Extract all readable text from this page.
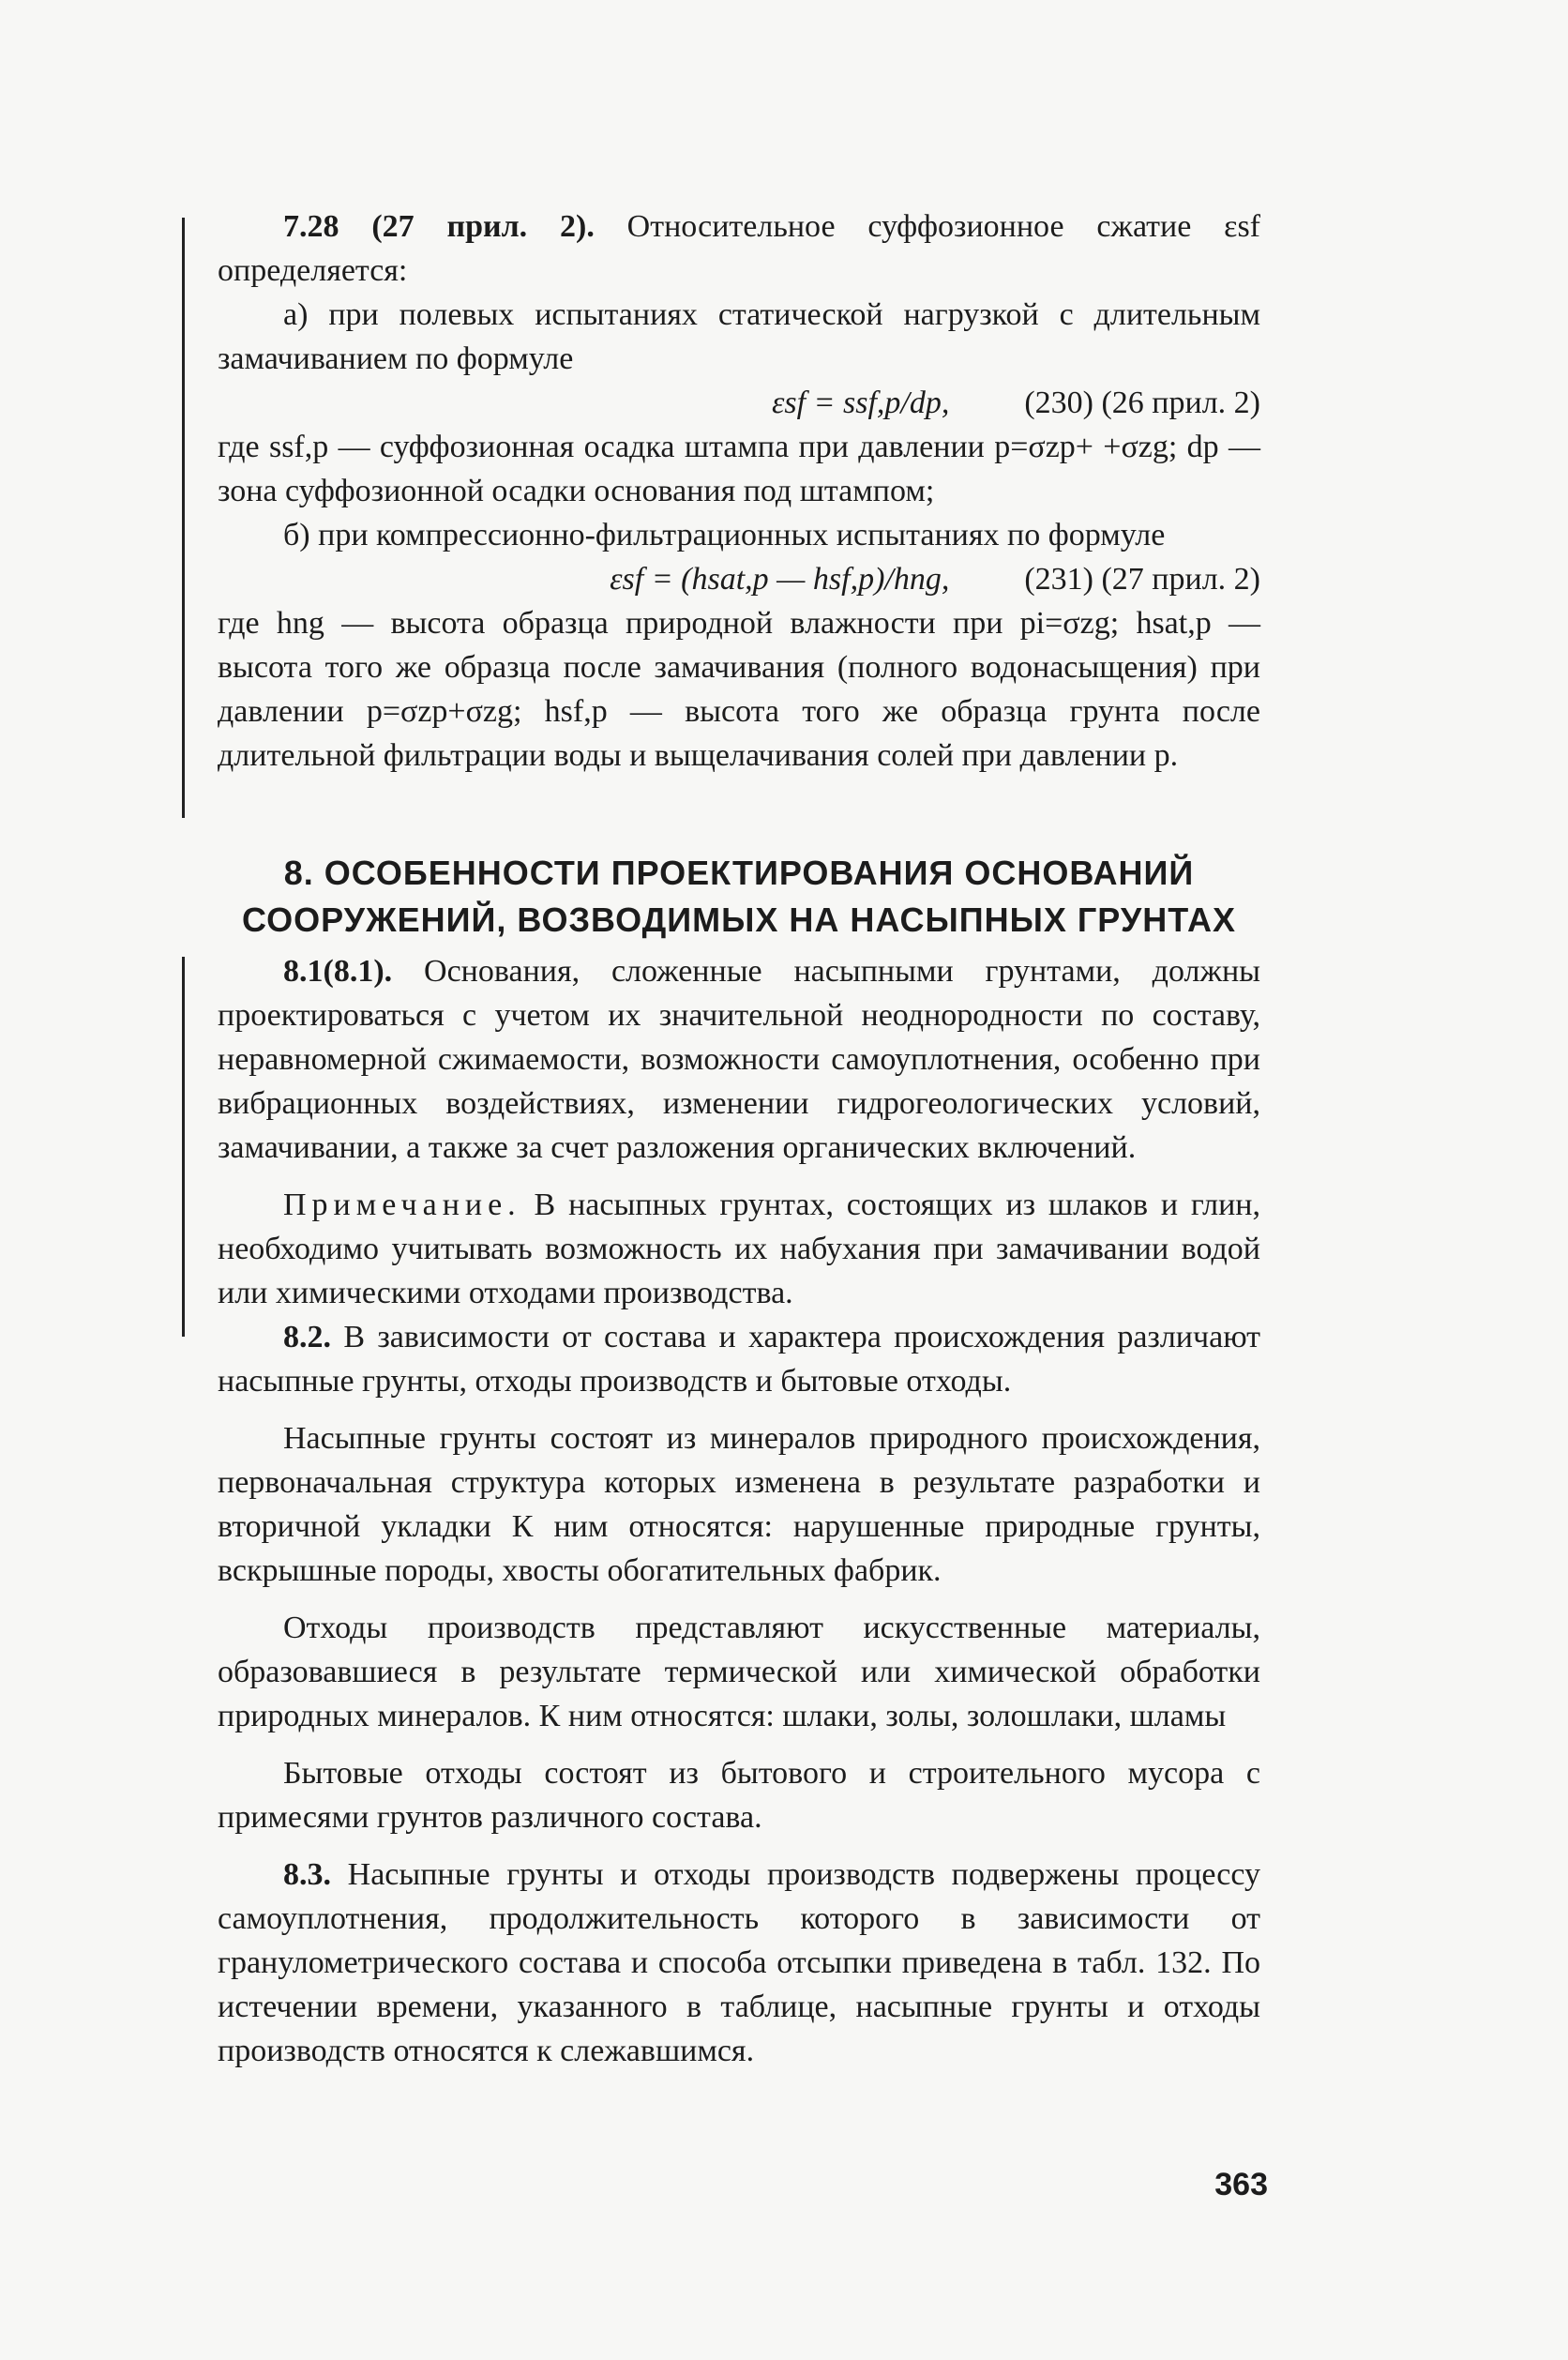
7.28 (27 прил. 2). Относительное суффозионное сжатие εsf определяется:

а) при полевых испытаниях статической нагрузкой с длительным замачиванием по формуле

εsf = ssf,p/dp, (230) (26 прил. 2)

где ssf,p — суффозионная осадка штампа при давлении p=σzp+ +σzg; dp — зона суффозионной осадки основания под штампом;

б) при компрессионно-фильтрационных испытаниях по формуле

εsf = (hsat,p — hsf,p)/hng, (231) (27 прил. 2)

где hng — высота образца природной влажности при pi=σzg; hsat,p — высота того же образца после замачивания (полного водонасыщения) при давлении p=σzp+σzg; hsf,p — высота того же образца грунта после длительной фильтрации воды и выщелачивания солей при давлении p.

8. ОСОБЕННОСТИ ПРОЕКТИРОВАНИЯ ОСНОВАНИЙ
СООРУЖЕНИЙ, ВОЗВОДИМЫХ НА НАСЫПНЫХ ГРУНТАХ

8.1(8.1). Основания, сложенные насыпными грунтами, должны проектироваться с учетом их значительной неоднородности по составу, неравномерной сжимаемости, возможности самоуплотнения, особенно при вибрационных воздействиях, изменении гидрогеологических условий, замачивании, а также за счет разложения органических включений.

Примечание. В насыпных грунтах, состоящих из шлаков и глин, необходимо учитывать возможность их набухания при замачивании водой или химическими отходами производства.

8.2. В зависимости от состава и характера происхождения различают насыпные грунты, отходы производств и бытовые отходы.

Насыпные грунты состоят из минералов природного происхождения, первоначальная структура которых изменена в результате разработки и вторичной укладки К ним относятся: нарушенные природные грунты, вскрышные породы, хвосты обогатительных фабрик.

Отходы производств представляют искусственные материалы, образовавшиеся в результате термической или химической обработки природных минералов. К ним относятся: шлаки, золы, золошлаки, шламы

Бытовые отходы состоят из бытового и строительного мусора с примесями грунтов различного состава.

8.3. Насыпные грунты и отходы производств подвержены процессу самоуплотнения, продолжительность которого в зависимости от гранулометрического состава и способа отсыпки приведена в табл. 132. По истечении времени, указанного в таблице, насыпные грунты и отходы производств относятся к слежавшимся.

363
